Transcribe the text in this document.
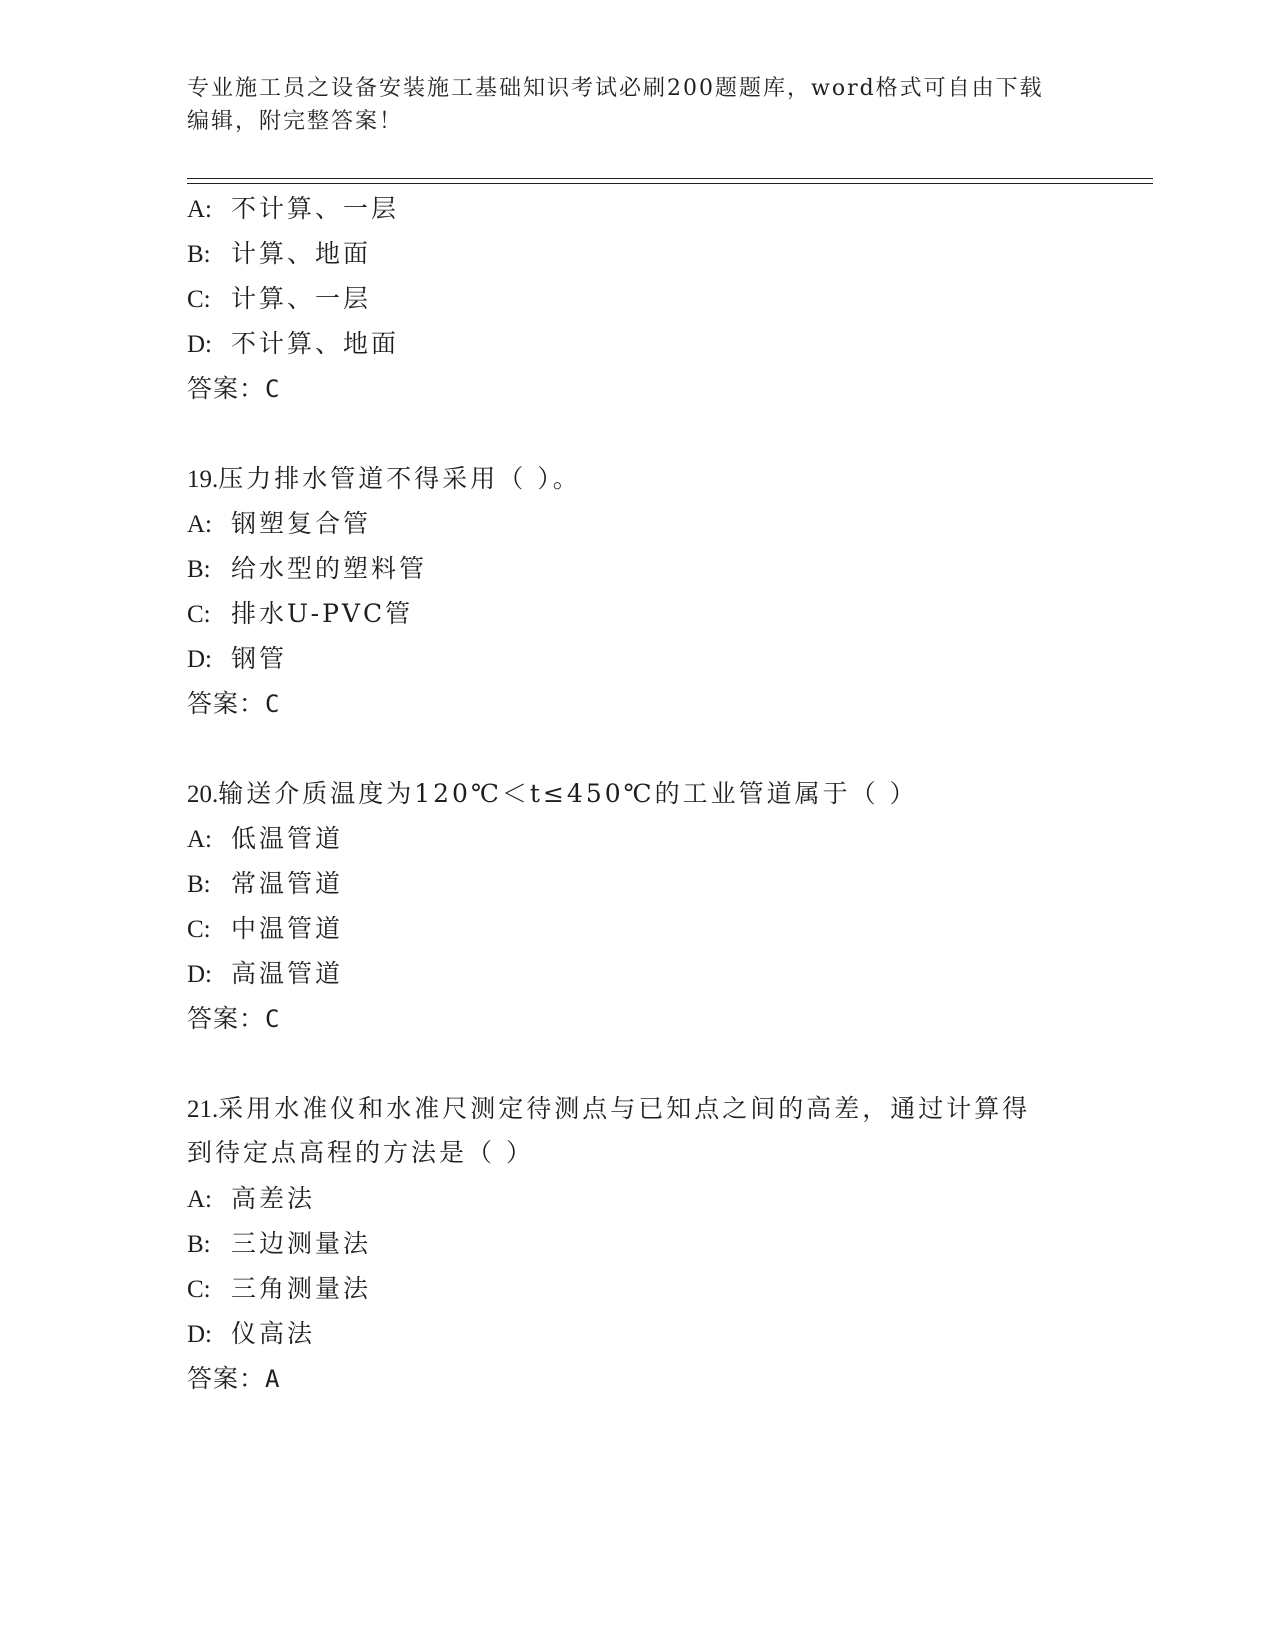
专业施工员之设备安装施工基础知识考试必刷200题题库，word格式可自由下载
编辑，附完整答案！
A: 不计算、一层
B: 计算、地面
C: 计算、一层
D: 不计算、地面
答案：C
19.压力排水管道不得采用（ ）。
A: 钢塑复合管
B: 给水型的塑料管
C: 排水U-PVC管
D: 钢管
答案：C
20.输送介质温度为120℃＜t≤450℃的工业管道属于（ ）
A: 低温管道
B: 常温管道
C: 中温管道
D: 高温管道
答案：C
21.采用水准仪和水准尺测定待测点与已知点之间的高差，通过计算得
到待定点高程的方法是（ ）
A: 高差法
B: 三边测量法
C: 三角测量法
D: 仪高法
答案：A
